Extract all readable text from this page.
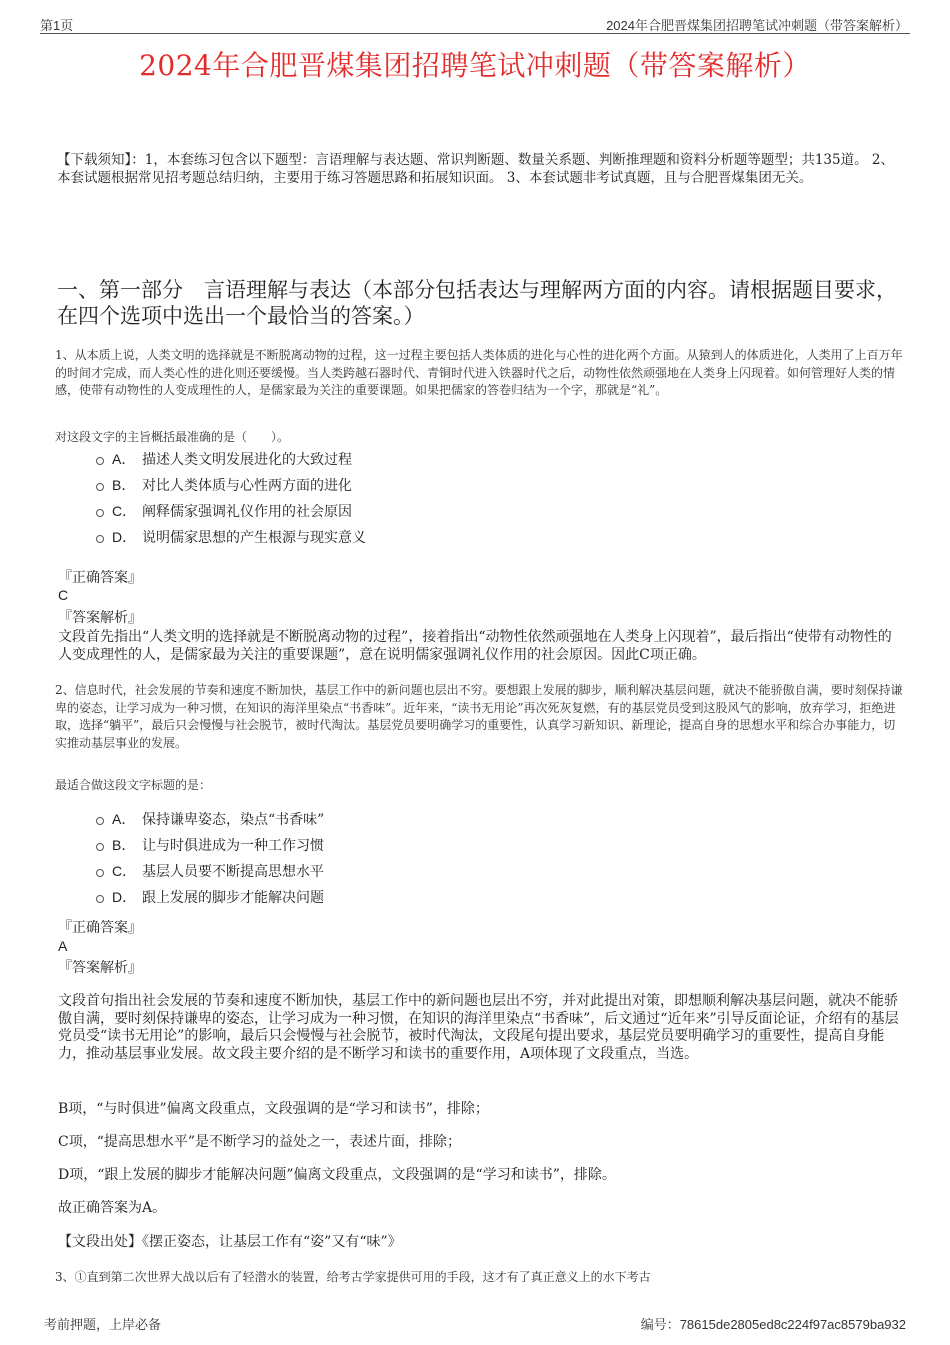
第1页	2024年合肥晋煤集团招聘笔试冲刺题（带答案解析）
2024年合肥晋煤集团招聘笔试冲刺题（带答案解析）
【下载须知】：1，本套练习包含以下题型：言语理解与表达题、常识判断题、数量关系题、判断推理题和资料分析题等题型；共135道。 2、本套试题根据常见招考题总结归纳，主要用于练习答题思路和拓展知识面。 3、本套试题非考试真题，且与合肥晋煤集团无关。
一、第一部分　言语理解与表达（本部分包括表达与理解两方面的内容。请根据题目要求，在四个选项中选出一个最恰当的答案。）
1、从本质上说，人类文明的选择就是不断脱离动物的过程，这一过程主要包括人类体质的进化与心性的进化两个方面。从猿到人的体质进化，人类用了上百万年的时间才完成，而人类心性的进化则还要缓慢。当人类跨越石器时代、青铜时代进入铁器时代之后，动物性依然顽强地在人类身上闪现着。如何管理好人类的情感，使带有动物性的人变成理性的人，是儒家最为关注的重要课题。如果把儒家的答卷归结为一个字，那就是“礼”。
对这段文字的主旨概括最准确的是（　　）。
A． 描述人类文明发展进化的大致过程
B． 对比人类体质与心性两方面的进化
C． 阐释儒家强调礼仪作用的社会原因
D． 说明儒家思想的产生根源与现实意义
『正确答案』
C
『答案解析』
文段首先指出“人类文明的选择就是不断脱离动物的过程”，接着指出“动物性依然顽强地在人类身上闪现着”，最后指出“使带有动物性的人变成理性的人，是儒家最为关注的重要课题”，意在说明儒家强调礼仪作用的社会原因。因此C项正确。
2、信息时代，社会发展的节奏和速度不断加快，基层工作中的新问题也层出不穷。要想跟上发展的脚步，顺利解决基层问题，就决不能骄傲自满，要时刻保持谦卑的姿态，让学习成为一种习惯，在知识的海洋里染点“书香味”。近年来，“读书无用论”再次死灰复燃，有的基层党员受到这股风气的影响，放弃学习，拒绝进取，选择“躺平”，最后只会慢慢与社会脱节，被时代淘汰。基层党员要明确学习的重要性，认真学习新知识、新理论，提高自身的思想水平和综合办事能力，切实推动基层事业的发展。
最适合做这段文字标题的是：
A． 保持谦卑姿态，染点“书香味”
B． 让与时俱进成为一种工作习惯
C． 基层人员要不断提高思想水平
D． 跟上发展的脚步才能解决问题
『正确答案』
A
『答案解析』
文段首句指出社会发展的节奏和速度不断加快，基层工作中的新问题也层出不穷，并对此提出对策，即想顺利解决基层问题，就决不能骄傲自满，要时刻保持谦卑的姿态，让学习成为一种习惯，在知识的海洋里染点“书香味”，后文通过“近年来”引导反面论证，介绍有的基层党员受“读书无用论”的影响，最后只会慢慢与社会脱节，被时代淘汰，文段尾句提出要求，基层党员要明确学习的重要性，提高自身能力，推动基层事业发展。故文段主要介绍的是不断学习和读书的重要作用，A项体现了文段重点，当选。
B项，“与时俱进”偏离文段重点，文段强调的是“学习和读书”，排除；
C项，“提高思想水平”是不断学习的益处之一，表述片面，排除；
D项，“跟上发展的脚步才能解决问题”偏离文段重点，文段强调的是“学习和读书”，排除。
故正确答案为A。
【文段出处】《摆正姿态，让基层工作有“姿”又有“味”》
3、①直到第二次世界大战以后有了轻潜水的装置，给考古学家提供可用的手段，这才有了真正意义上的水下考古
考前押题，上岸必备	编号：78615de2805ed8c224f97ac8579ba932
